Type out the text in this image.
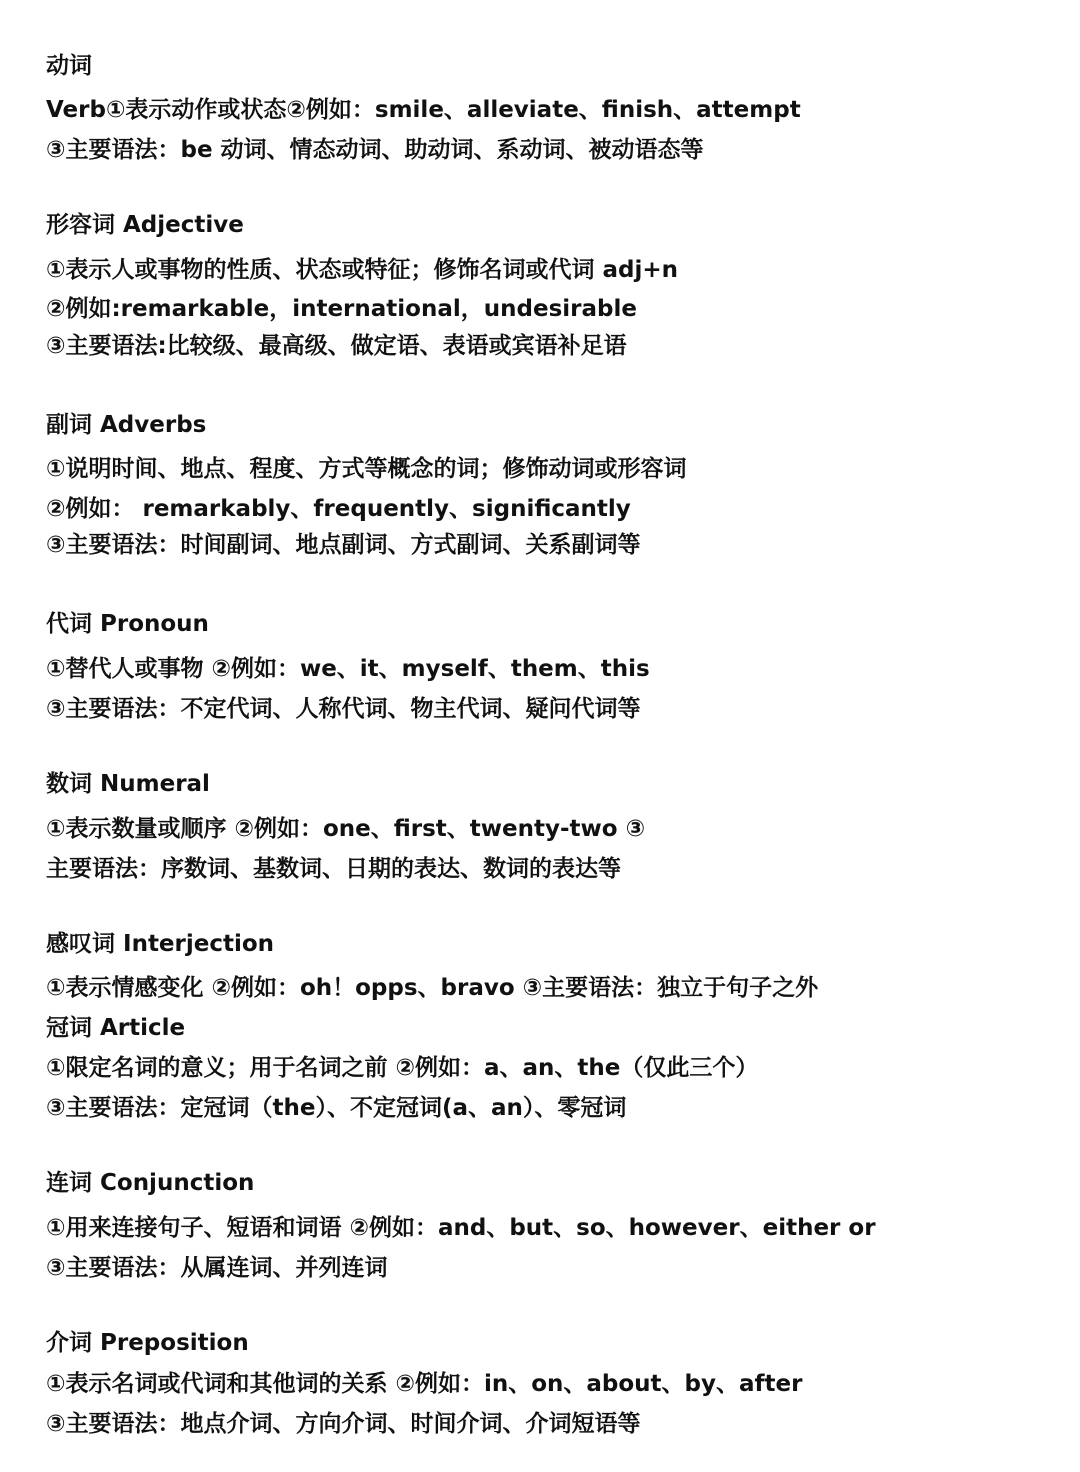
动词
Verb①表示动作或状态②例如：smile、alleviate、finish、attempt
③主要语法：be 动词、情态动词、助动词、系动词、被动语态等
形容词 Adjective
①表示人或事物的性质、状态或特征；修饰名词或代词 adj+n
②例如:remarkable，international，undesirable
③主要语法:比较级、最高级、做定语、表语或宾语补足语
副词 Adverbs
①说明时间、地点、程度、方式等概念的词；修饰动词或形容词
②例如： remarkably、frequently、significantly
③主要语法：时间副词、地点副词、方式副词、关系副词等
代词 Pronoun
①替代人或事物 ②例如：we、it、myself、them、this
③主要语法：不定代词、人称代词、物主代词、疑问代词等
数词 Numeral
①表示数量或顺序 ②例如：one、first、twenty-two ③
主要语法：序数词、基数词、日期的表达、数词的表达等
感叹词 Interjection
①表示情感变化 ②例如：oh！opps、bravo ③主要语法：独立于句子之外
冠词 Article
①限定名词的意义；用于名词之前 ②例如：a、an、the（仅此三个）
③主要语法：定冠词（the）、不定冠词(a、an）、零冠词
连词 Conjunction
①用来连接句子、短语和词语 ②例如：and、but、so、however、either or
③主要语法：从属连词、并列连词
介词 Preposition
①表示名词或代词和其他词的关系 ②例如：in、on、about、by、after
③主要语法：地点介词、方向介词、时间介词、介词短语等
